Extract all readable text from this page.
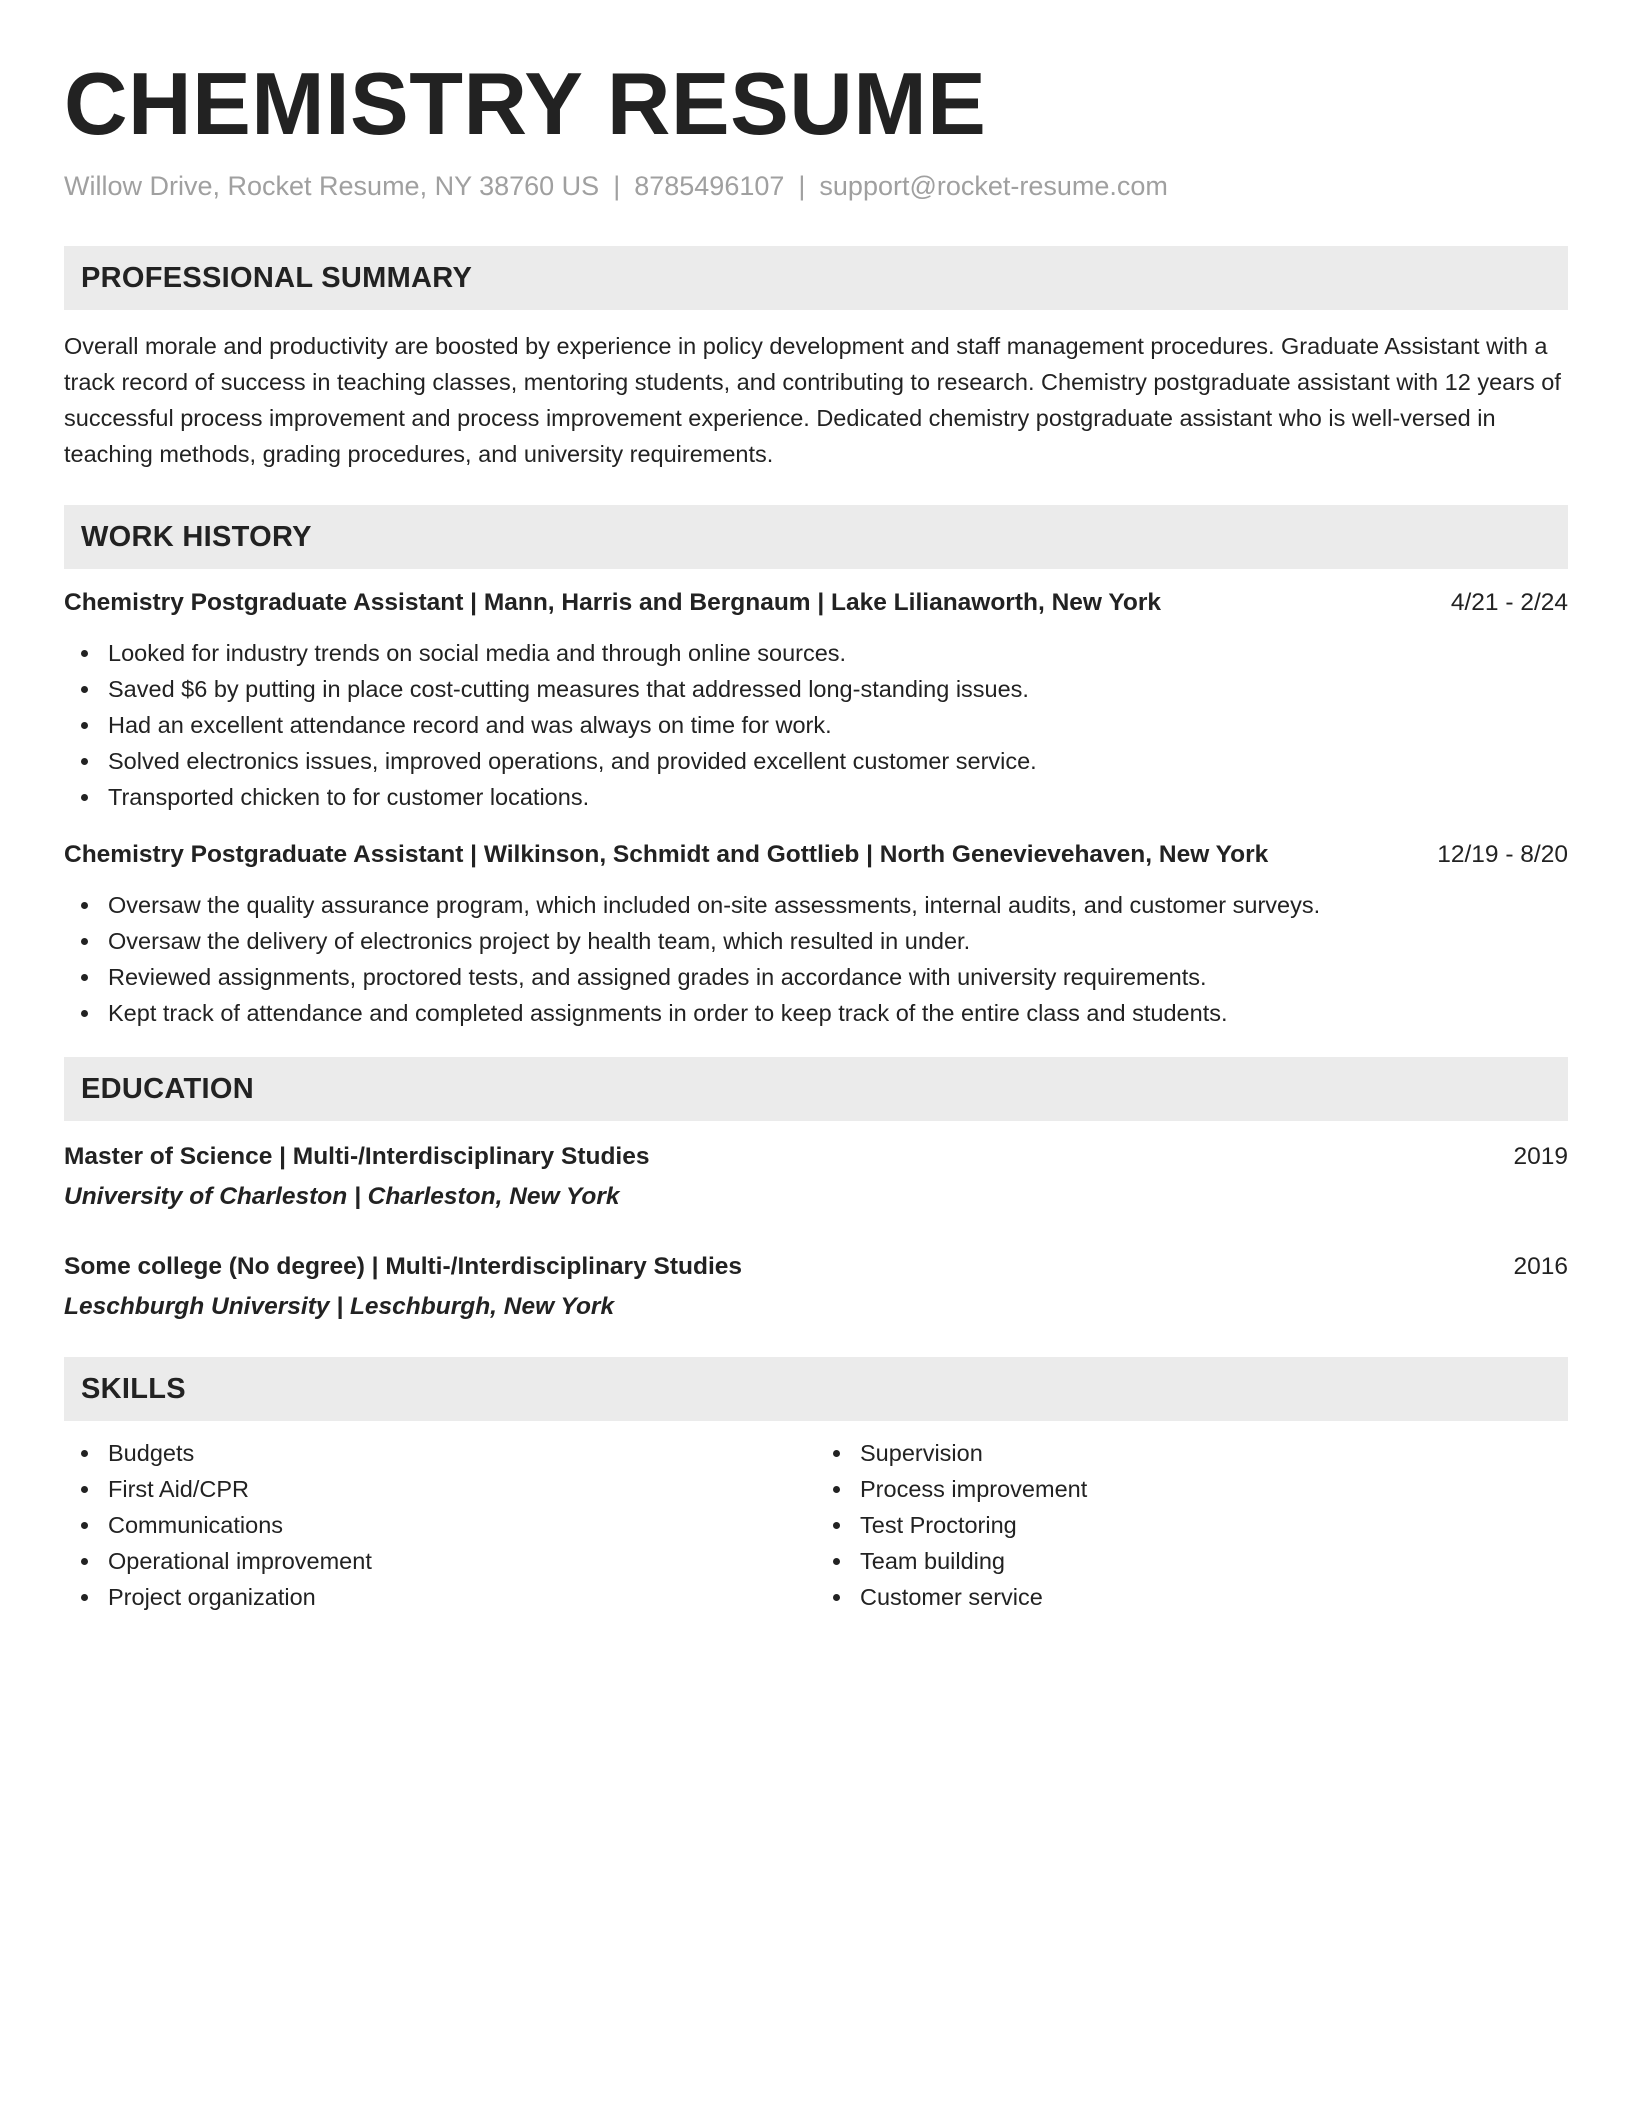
CHEMISTRY RESUME
Willow Drive, Rocket Resume, NY 38760 US | 8785496107 | support@rocket-resume.com
PROFESSIONAL SUMMARY
Overall morale and productivity are boosted by experience in policy development and staff management procedures. Graduate Assistant with a track record of success in teaching classes, mentoring students, and contributing to research. Chemistry postgraduate assistant with 12 years of successful process improvement and process improvement experience. Dedicated chemistry postgraduate assistant who is well-versed in teaching methods, grading procedures, and university requirements.
WORK HISTORY
Chemistry Postgraduate Assistant | Mann, Harris and Bergnaum | Lake Lilianaworth, New York	4/21 - 2/24
Looked for industry trends on social media and through online sources.
Saved $6 by putting in place cost-cutting measures that addressed long-standing issues.
Had an excellent attendance record and was always on time for work.
Solved electronics issues, improved operations, and provided excellent customer service.
Transported chicken to for customer locations.
Chemistry Postgraduate Assistant | Wilkinson, Schmidt and Gottlieb | North Genevievehaven, New York	12/19 - 8/20
Oversaw the quality assurance program, which included on-site assessments, internal audits, and customer surveys.
Oversaw the delivery of electronics project by health team, which resulted in under.
Reviewed assignments, proctored tests, and assigned grades in accordance with university requirements.
Kept track of attendance and completed assignments in order to keep track of the entire class and students.
EDUCATION
Master of Science | Multi-/Interdisciplinary Studies	2019
University of Charleston | Charleston, New York
Some college (No degree) | Multi-/Interdisciplinary Studies	2016
Leschburgh University | Leschburgh, New York
SKILLS
Budgets
First Aid/CPR
Communications
Operational improvement
Project organization
Supervision
Process improvement
Test Proctoring
Team building
Customer service
